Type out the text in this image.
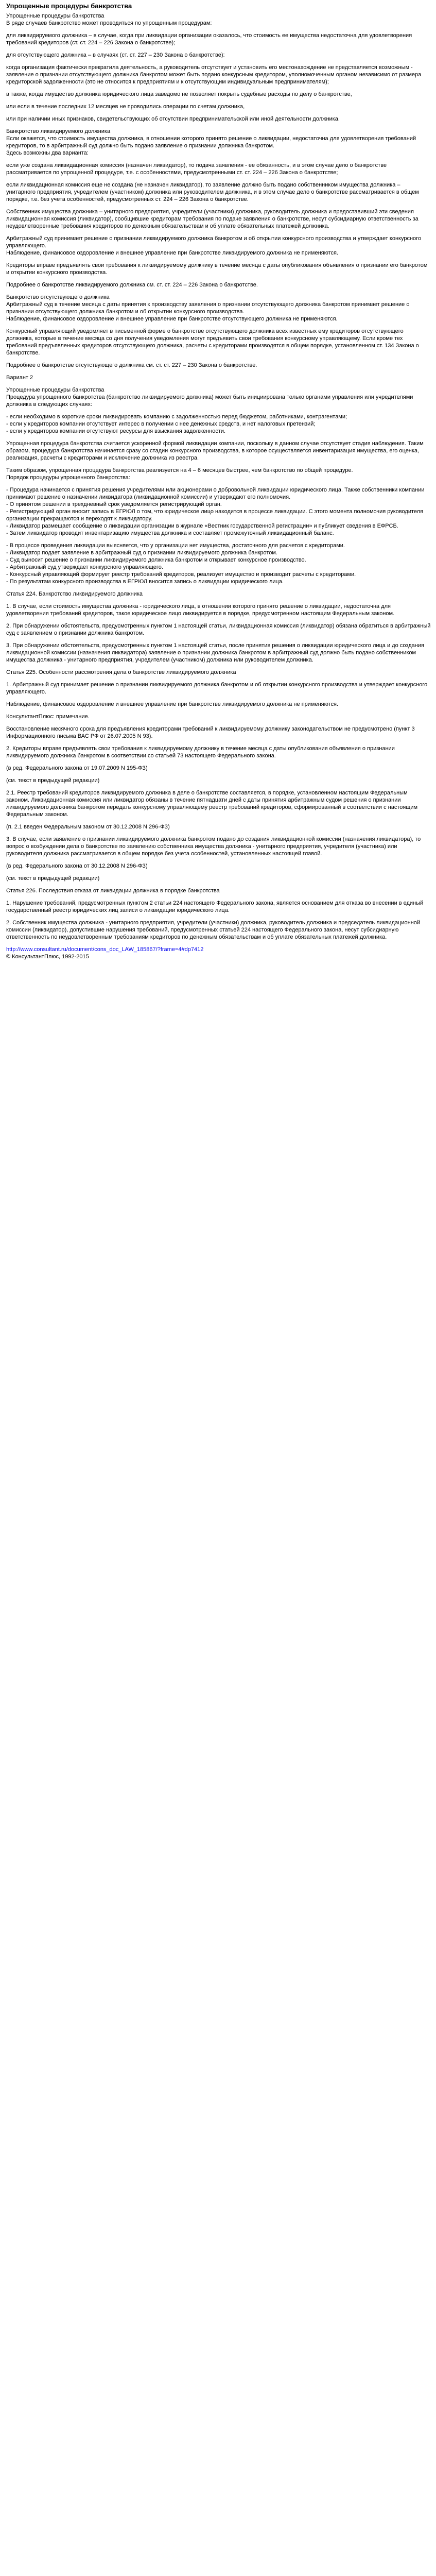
Упрощенные процедуры банкротства

Упрощенные процедуры банкротства
В ряде случаев банкротство может проводиться по упрощенным процедурам:

для ликвидируемого должника – в случае, когда при ликвидации организации оказалось, что стоимость ее имущества недостаточна для удовлетворения требований кредиторов (ст. ст. 224 – 226 Закона о банкротстве);

для отсутствующего должника – в случаях (ст. ст. 227 – 230 Закона о банкротстве):

когда организация фактически прекратила деятельность, а руководитель отсутствует и установить его местонахождение не представляется возможным - заявление о признании отсутствующего должника банкротом может быть подано конкурсным кредитором, уполномоченным органом независимо от размера кредиторской задолженности (это не относится к предприятиям и к отсутствующим индивидуальным предпринимателям);

в также, когда имущество должника юридического лица заведомо не позволяет покрыть судебные расходы по делу о банкротстве,

или если в течение последних 12 месяцев не проводились операции по счетам должника,

или при наличии иных признаков, свидетельствующих об отсутствии предпринимательской или иной деятельности должника.

Банкротство ликвидируемого должника
Если окажется, что стоимость имущества должника, в отношении которого принято решение о ликвидации, недостаточна для удовлетворения требований кредиторов, то в арбитражный суд должно быть подано заявление о признании должника банкротом.
Здесь возможны два варианта:

если уже создана ликвидационная комиссия (назначен ликвидатор), то подача заявления - ее обязанность, и в этом случае дело о банкротстве рассматривается по упрощенной процедуре, т.е. с особенностями, предусмотренными ст. ст. 224 – 226 Закона о банкротстве;

если ликвидационная комиссия еще не создана (не назначен ликвидатор), то заявление должно быть подано собственником имущества должника – унитарного предприятия, учредителем (участником) должника или руководителем должника, и в этом случае дело о банкротстве рассматривается в общем порядке, т.е. без учета особенностей, предусмотренных ст. 224 – 226 Закона о банкротстве.

Собственник имущества должника – унитарного предприятия, учредители (участники) должника, руководитель должника и предоставивший эти сведения ликвидационная комиссия (ликвидатор), сообщившие кредиторам требования по подаче заявления о банкротстве, несут субсидиарную ответственность за неудовлетворенные требования кредиторов по денежным обязательствам и об уплате обязательных платежей должника.

Арбитражный суд принимает решение о признании ликвидируемого должника банкротом и об открытии конкурсного производства и утверждает конкурсного управляющего.
Наблюдение, финансовое оздоровление и внешнее управление при банкротстве ликвидируемого должника не применяются.

Кредиторы вправе предъявлять свои требования к ликвидируемому должнику в течение месяца с даты опубликования объявления о признании его банкротом и открытии конкурсного производства.

Подробнее о банкротстве ликвидируемого должника см. ст. ст. 224 – 226 Закона о банкротстве.

Банкротство отсутствующего должника
Арбитражный суд в течение месяца с даты принятия к производству заявления о признании отсутствующего должника банкротом принимает решение о признании отсутствующего должника банкротом и об открытии конкурсного производства.
Наблюдение, финансовое оздоровление и внешнее управление при банкротстве отсутствующего должника не применяются.

Конкурсный управляющий уведомляет в письменной форме о банкротстве отсутствующего должника всех известных ему кредиторов отсутствующего должника, которые в течение месяца со дня получения уведомления могут предъявить свои требования конкурсному управляющему. Если кроме тех требований предъявленных кредиторов отсутствующего должника, расчеты с кредиторами производятся в общем порядке, установленном ст. 134 Закона о банкротстве.

Подробнее о банкротстве отсутствующего должника см. ст. ст. 227 – 230 Закона о банкротстве.

Вариант 2

Упрощенные процедуры банкротства
Процедура упрощенного банкротства (банкротство ликвидируемого должника) может быть инициирована только органами управления или учредителями должника в следующих случаях:

- если необходимо в короткие сроки ликвидировать компанию с задолженностью перед бюджетом, работниками, контрагентами;
- если у кредиторов компании отсутствует интерес в получении с нее денежных средств, и нет налоговых претензий;
- если у кредиторов компании отсутствуют ресурсы для взыскания задолженности.

Упрощенная процедура банкротства считается ускоренной формой ликвидации компании, поскольку в данном случае отсутствует стадия наблюдения. Таким образом, процедура банкротства начинается сразу со стадии конкурсного производства, в которое осуществляется инвентаризация имущества, его оценка, реализация, расчеты с кредиторами и исключение должника из реестра.

Таким образом, упрощенная процедура банкротства реализуется на 4 – 6 месяцев быстрее, чем банкротство по общей процедуре.
Порядок процедуры упрощенного банкротства:

- Процедура начинается с принятия решения учредителями или акционерами о добровольной ликвидации юридического лица. Также собственники компании принимают решение о назначении ликвидатора (ликвидационной комиссии) и утверждают его полномочия.
- О принятом решении в трехдневный срок уведомляется регистрирующий орган.
- Регистрирующий орган вносит запись в ЕГРЮЛ о том, что юридическое лицо находится в процессе ликвидации. С этого момента полномочия руководителя организации прекращаются и переходят к ликвидатору.
- Ликвидатор размещает сообщение о ликвидации организации в журнале «Вестник государственной регистрации» и публикует сведения в ЕФРСБ.
- Затем ликвидатор проводит инвентаризацию имущества должника и составляет промежуточный ликвидационный баланс.

- В процессе проведения ликвидации выясняется, что у организации нет имущества, достаточного для расчетов с кредиторами.
- Ликвидатор подает заявление в арбитражный суд о признании ликвидируемого должника банкротом.
- Суд выносит решение о признании ликвидируемого должника банкротом и открывает конкурсное производство.
- Арбитражный суд утверждает конкурсного управляющего.
- Конкурсный управляющий формирует реестр требований кредиторов, реализует имущество и производит расчеты с кредиторами.
- По результатам конкурсного производства в ЕГРЮЛ вносится запись о ликвидации юридического лица.

Статья 224. Банкротство ликвидируемого должника

1. В случае, если стоимость имущества должника - юридического лица, в отношении которого принято решение о ликвидации, недостаточна для удовлетворения требований кредиторов, такое юридическое лицо ликвидируется в порядке, предусмотренном настоящим Федеральным законом.

2. При обнаружении обстоятельств, предусмотренных пунктом 1 настоящей статьи, ликвидационная комиссия (ликвидатор) обязана обратиться в арбитражный суд с заявлением о признании должника банкротом.

3. При обнаружении обстоятельств, предусмотренных пунктом 1 настоящей статьи, после принятия решения о ликвидации юридического лица и до создания ликвидационной комиссии (назначения ликвидатора) заявление о признании должника банкротом в арбитражный суд должно быть подано собственником имущества должника - унитарного предприятия, учредителем (участником) должника или руководителем должника.

Статья 225. Особенности рассмотрения дела о банкротстве ликвидируемого должника

1. Арбитражный суд принимает решение о признании ликвидируемого должника банкротом и об открытии конкурсного производства и утверждает конкурсного управляющего.

Наблюдение, финансовое оздоровление и внешнее управление при банкротстве ликвидируемого должника не применяются.

КонсультантПлюс: примечание.

Восстановление месячного срока для предъявления кредиторами требований к ликвидируемому должнику законодательством не предусмотрено (пункт 3 Информационного письма ВАС РФ от 26.07.2005 N 93).

2. Кредиторы вправе предъявлять свои требования к ликвидируемому должнику в течение месяца с даты опубликования объявления о признании ликвидируемого должника банкротом в соответствии со статьей 73 настоящего Федерального закона.

(в ред. Федерального закона от 19.07.2009 N 195-ФЗ)

(см. текст в предыдущей редакции)

2.1. Реестр требований кредиторов ликвидируемого должника в деле о банкротстве составляется, в порядке, установленном настоящим Федеральным законом. Ликвидационная комиссия или ликвидатор обязаны в течение пятнадцати дней с даты принятия арбитражным судом решения о признании ликвидируемого должника банкротом передать конкурсному управляющему реестр требований кредиторов, сформированный в соответствии с настоящим Федеральным законом.

(п. 2.1 введен Федеральным законом от 30.12.2008 N 296-ФЗ)

3. В случае, если заявление о признании ликвидируемого должника банкротом подано до создания ликвидационной комиссии (назначения ликвидатора), то вопрос о возбуждении дела о банкротстве по заявлению собственника имущества должника - унитарного предприятия, учредителя (участника) или руководителя должника рассматривается в общем порядке без учета особенностей, установленных настоящей главой.

(в ред. Федерального закона от 30.12.2008 N 296-ФЗ)

(см. текст в предыдущей редакции)

Статья 226. Последствия отказа от ликвидации должника в порядке банкротства

1. Нарушение требований, предусмотренных пунктом 2 статьи 224 настоящего Федерального закона, является основанием для отказа во внесении в единый государственный реестр юридических лиц записи о ликвидации юридического лица.

2. Собственник имущества должника - унитарного предприятия, учредители (участники) должника, руководитель должника и председатель ликвидационной комиссии (ликвидатор), допустившие нарушения требований, предусмотренных статьей 224 настоящего Федерального закона, несут субсидиарную ответственность по неудовлетворенным требованиям кредиторов по денежным обязательствам и об уплате обязательных платежей должника.

http://www.consultant.ru/document/cons_doc_LAW_185867/?frame=4#dp7412
© КонсультантПлюс, 1992-2015
